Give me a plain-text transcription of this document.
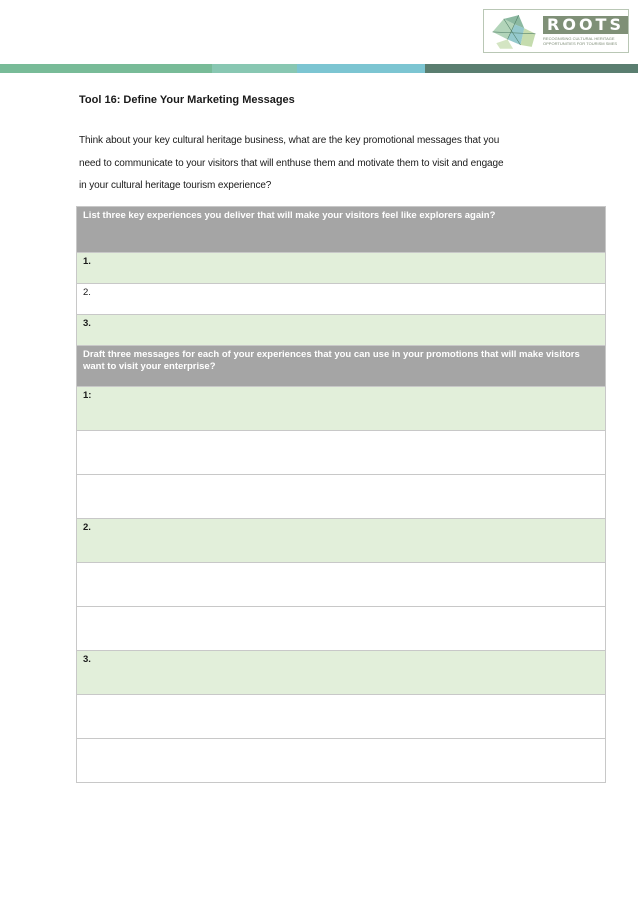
ROOTS
RECOGNISING CULTURAL HERITAGE
OPPORTUNITIES FOR TOURISM SMES
Tool 16: Define Your Marketing Messages

Think about your key cultural heritage business, what are the key promotional messages that you
need to communicate to your visitors that will enthuse them and motivate them to visit and engage
in your cultural heritage tourism experience?

List three key experiences you deliver that will make your visitors feel like explorers again?
1.
2.
3.
Draft three messages for each of your experiences that you can use in your promotions that will make visitors want to visit your enterprise?
1:

2.

3.
